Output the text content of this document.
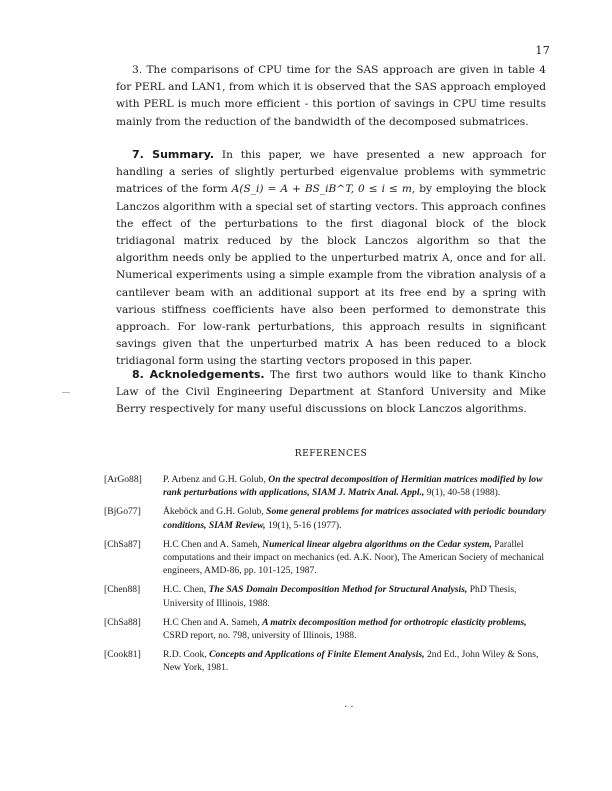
17

3. The comparisons of CPU time for the SAS approach are given in table 4 for PERL and LAN1, from which it is observed that the SAS approach employed with PERL is much more efficient - this portion of savings in CPU time results mainly from the reduction of the bandwidth of the decomposed submatrices.

7. Summary. In this paper, we have presented a new approach for handling a series of slightly perturbed eigenvalue problems with symmetric matrices of the form A(S_i) = A + BS_iB^T, 0 ≤ i ≤ m, by employing the block Lanczos algorithm with a special set of starting vectors. This approach confines the effect of the perturbations to the first diagonal block of the block tridiagonal matrix reduced by the block Lanczos algorithm so that the algorithm needs only be applied to the unperturbed matrix A, once and for all. Numerical experiments using a simple example from the vibration analysis of a cantilever beam with an additional support at its free end by a spring with various stiffness coefficients have also been performed to demonstrate this approach. For low-rank perturbations, this approach results in significant savings given that the unperturbed matrix A has been reduced to a block tridiagonal form using the starting vectors proposed in this paper.

8. Acknoledgements. The first two authors would like to thank Kincho Law of the Civil Engineering Department at Stanford University and Mike Berry respectively for many useful discussions on block Lanczos algorithms.

REFERENCES
[ArGo88]	P. Arbenz and G.H. Golub, On the spectral decomposition of Hermitian matrices modified by low rank perturbations with applications, SIAM J. Matrix Anal. Appl., 9(1), 40-58 (1988).
[BjGo77]	Åkeböck and G.H. Golub, Some general problems for matrices associated with periodic boundary conditions, SIAM Review, 19(1), 5-16 (1977).
[ChSa87]	H.C Chen and A. Sameh, Numerical linear algebra algorithms on the Cedar system, Parallel computations and their impact on mechanics (ed. A.K. Noor), The American Society of mechanical engineers, AMD-86, pp. 101-125, 1987.
[Chen88]	H.C. Chen, The SAS Domain Decomposition Method for Structural Analysis, PhD Thesis, University of Illinois, 1988.
[ChSa88]	H.C Chen and A. Sameh, A matrix decomposition method for orthotropic elasticity problems, CSRD report, no. 798, university of Illinois, 1988.
[Cook81]	R.D. Cook, Concepts and Applications of Finite Element Analysis, 2nd Ed., John Wiley & Sons, New York, 1981.
· ·
